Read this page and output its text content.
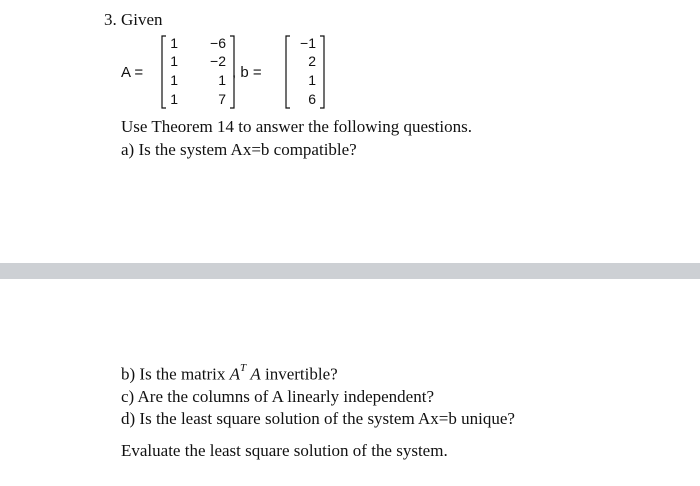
3. Given
A =
1	−6
1	−2
1	1
1	7
, b =
−1
2
1
6
Use Theorem 14 to answer the following questions.
a) Is the system Ax=b compatible?
b) Is the matrix $A^T$ A invertible?
c) Are the columns of A linearly independent?
d) Is the least square solution of the system Ax=b unique?
Evaluate the least square solution of the system.
